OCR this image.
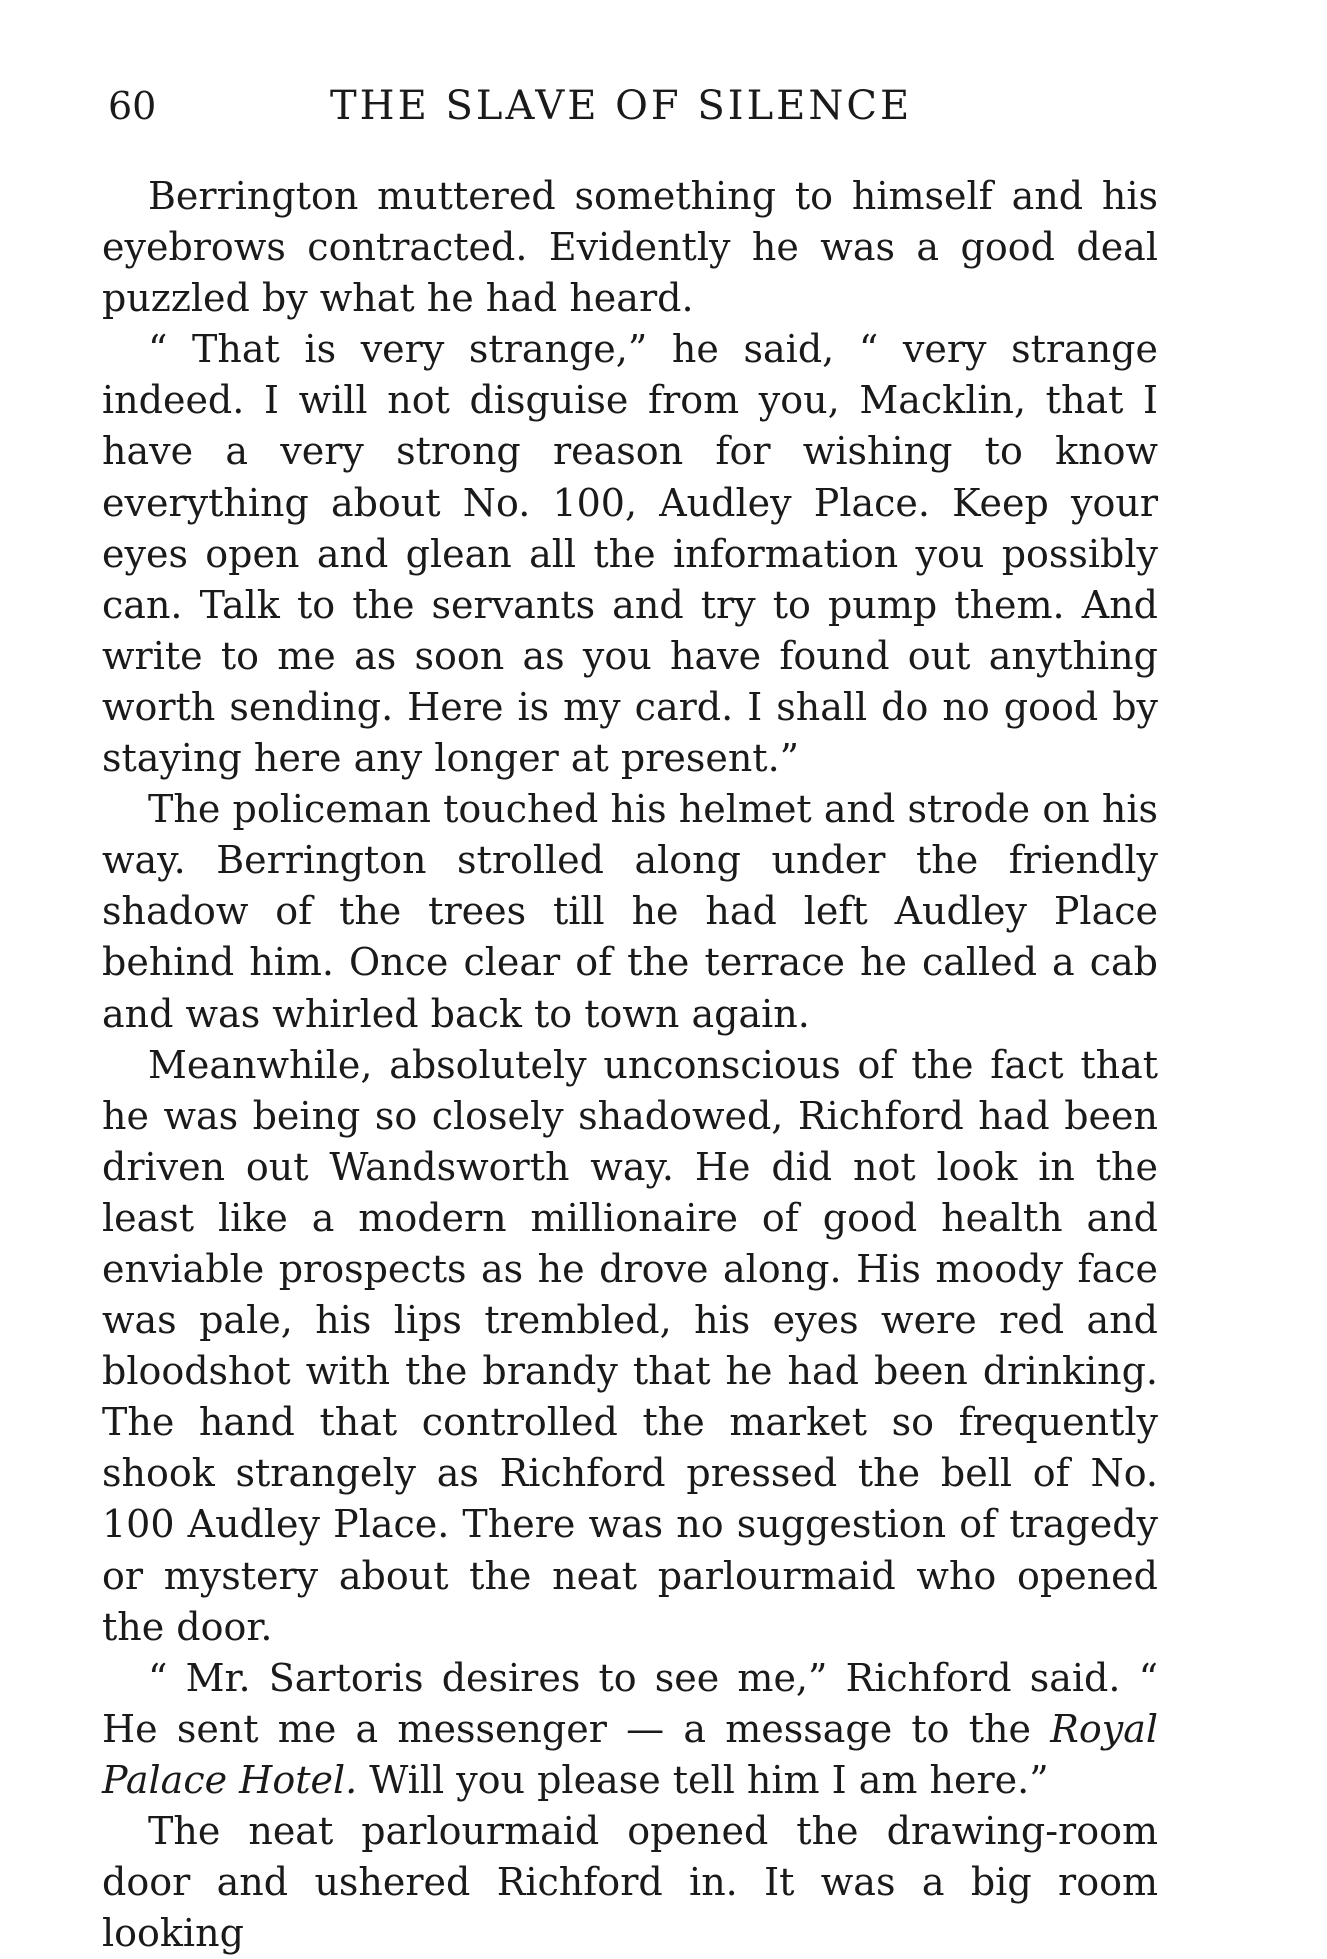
60	THE SLAVE OF SILENCE

Berrington muttered something to himself and his eyebrows contracted. Evidently he was a good deal puzzled by what he had heard.

“ That is very strange,” he said, “ very strange indeed. I will not disguise from you, Macklin, that I have a very strong reason for wishing to know everything about No. 100, Audley Place. Keep your eyes open and glean all the information you possibly can. Talk to the servants and try to pump them. And write to me as soon as you have found out anything worth sending. Here is my card. I shall do no good by staying here any longer at present.”

The policeman touched his helmet and strode on his way. Berrington strolled along under the friendly shadow of the trees till he had left Audley Place behind him. Once clear of the terrace he called a cab and was whirled back to town again.

Meanwhile, absolutely unconscious of the fact that he was being so closely shadowed, Richford had been driven out Wandsworth way. He did not look in the least like a modern millionaire of good health and enviable prospects as he drove along. His moody face was pale, his lips trembled, his eyes were red and bloodshot with the brandy that he had been drinking. The hand that controlled the market so frequently shook strangely as Richford pressed the bell of No. 100 Audley Place. There was no suggestion of tragedy or mystery about the neat parlourmaid who opened the door.

“ Mr. Sartoris desires to see me,” Richford said. “ He sent me a messenger — a message to the Royal Palace Hotel. Will you please tell him I am here.”

The neat parlourmaid opened the drawing-room door and ushered Richford in. It was a big room looking
